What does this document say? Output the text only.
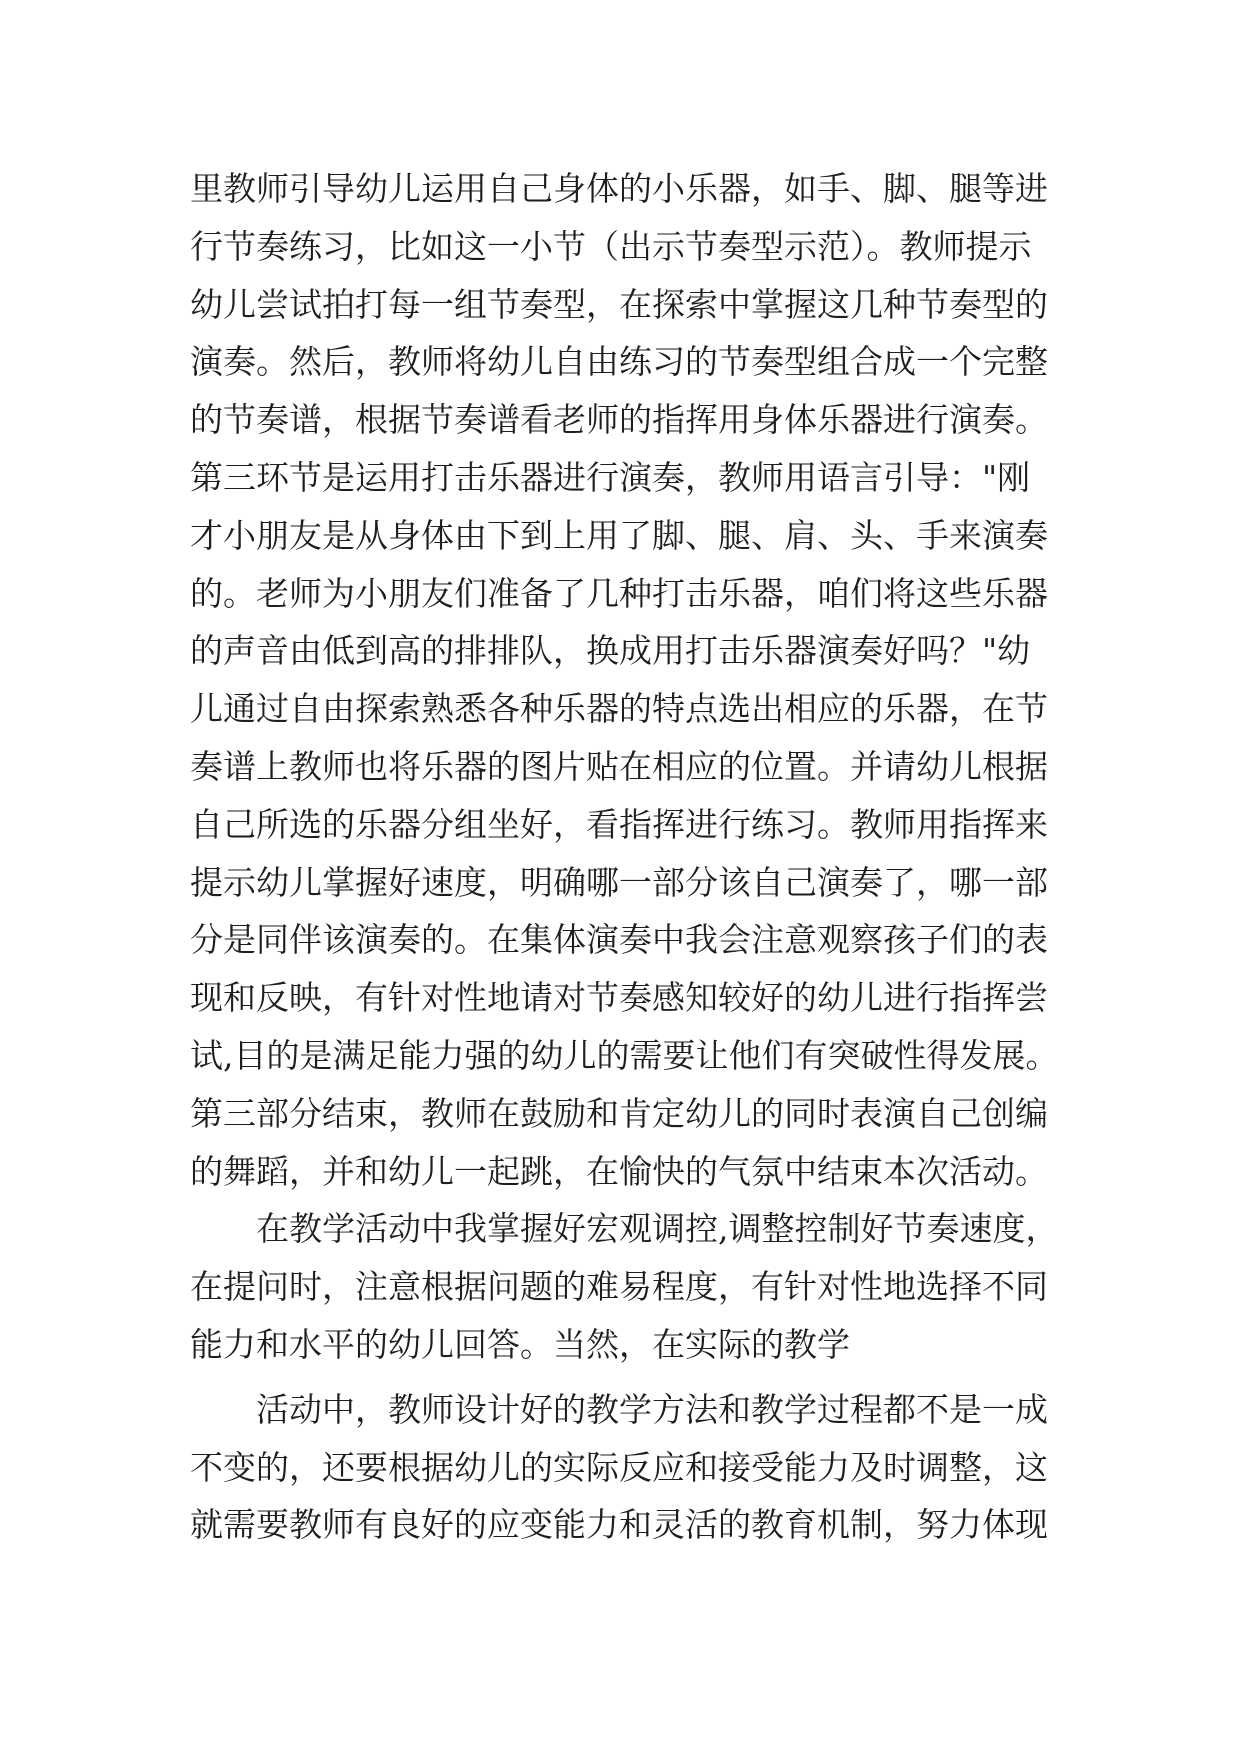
里教师引导幼儿运用自己身体的小乐器，如手、脚、腿等进
行节奏练习，比如这一小节（出示节奏型示范）。教师提示
幼儿尝试拍打每一组节奏型，在探索中掌握这几种节奏型的
演奏。然后，教师将幼儿自由练习的节奏型组合成一个完整
的节奏谱，根据节奏谱看老师的指挥用身体乐器进行演奏。
第三环节是运用打击乐器进行演奏，教师用语言引导："刚
才小朋友是从身体由下到上用了脚、腿、肩、头、手来演奏
的。老师为小朋友们准备了几种打击乐器，咱们将这些乐器
的声音由低到高的排排队，换成用打击乐器演奏好吗？"幼
儿通过自由探索熟悉各种乐器的特点选出相应的乐器，在节
奏谱上教师也将乐器的图片贴在相应的位置。并请幼儿根据
自己所选的乐器分组坐好，看指挥进行练习。教师用指挥来
提示幼儿掌握好速度，明确哪一部分该自己演奏了，哪一部
分是同伴该演奏的。在集体演奏中我会注意观察孩子们的表
现和反映，有针对性地请对节奏感知较好的幼儿进行指挥尝
试,目的是满足能力强的幼儿的需要让他们有突破性得发展。
第三部分结束，教师在鼓励和肯定幼儿的同时表演自己创编
的舞蹈，并和幼儿一起跳，在愉快的气氛中结束本次活动。
在教学活动中我掌握好宏观调控,调整控制好节奏速度，
在提问时，注意根据问题的难易程度，有针对性地选择不同
能力和水平的幼儿回答。当然，在实际的教学
活动中，教师设计好的教学方法和教学过程都不是一成
不变的，还要根据幼儿的实际反应和接受能力及时调整，这
就需要教师有良好的应变能力和灵活的教育机制，努力体现
